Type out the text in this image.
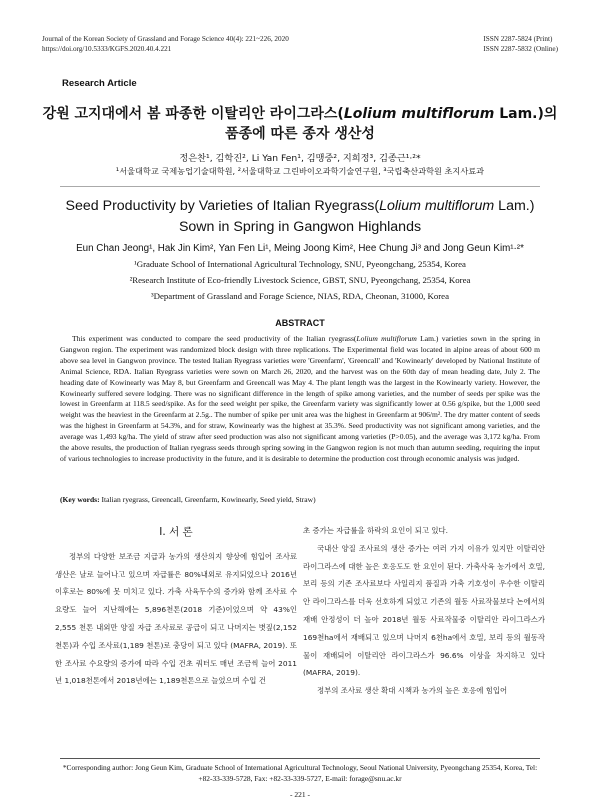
Journal of the Korean Society of Grassland and Forage Science 40(4): 221~226, 2020
https://doi.org/10.5333/KGFS.2020.40.4.221
ISSN 2287-5824 (Print)
ISSN 2287-5832 (Online)
Research Article
강원 고지대에서 봄 파종한 이탈리안 라이그라스(Lolium multiflorum Lam.)의
품종에 따른 종자 생산성
정은찬¹, 김학진², Li Yan Fen¹, 김맹중², 지희정³, 김종근¹·²*
¹서울대학교 국제농업기술대학원, ²서울대학교 그린바이오과학기술연구원, ³국립축산과학원 초지사료과
Seed Productivity by Varieties of Italian Ryegrass(Lolium multiflorum Lam.)
Sown in Spring in Gangwon Highlands
Eun Chan Jeong¹, Hak Jin Kim², Yan Fen Li¹, Meing Joong Kim², Hee Chung Ji³ and Jong Geun Kim¹·²*
¹Graduate School of International Agricultural Technology, SNU, Pyeongchang, 25354, Korea
²Research Institute of Eco-friendly Livestock Science, GBST, SNU, Pyeongchang, 25354, Korea
³Department of Grassland and Forage Science, NIAS, RDA, Cheonan, 31000, Korea
ABSTRACT
This experiment was conducted to compare the seed productivity of the Italian ryegrass(Lolium multiflorum Lam.) varieties sown in the spring in Gangwon region. The experiment was randomized block design with three replications. The Experimental field was located in alpine areas of about 600 m above sea level in Gangwon province. The tested Italian Ryegrass varieties were 'Greenfarm', 'Greencall' and 'Kowinearly' developed by National Institute of Animal Science, RDA. Italian Ryegrass varieties were sown on March 26, 2020, and the harvest was on the 60th day of mean heading date, July 2. The heading date of Kowinearly was May 8, but Greenfarm and Greencall was May 4. The plant length was the largest in the Kowinearly variety. However, the Kowinearly suffered severe lodging. There was no significant difference in the length of spike among varieties, and the number of seeds per spike was the lowest in Greenfarm at 118.5 seed/spike. As for the seed weight per spike, the Greenfarm variety was significantly lower at 0.56 g/spike, but the 1,000 seed weight was the heaviest in the Greenfarm at 2.5g.. The number of spike per unit area was the highest in Greenfarm at 906/m². The dry matter content of seeds was the highest in Greenfarm at 54.3%, and for straw, Kowinearly was the highest at 35.3%. Seed productivity was not significant among varieties, and the average was 1,493 kg/ha. The yield of straw after seed production was also not significant among varieties (P>0.05), and the average was 3,172 kg/ha. From the above results, the production of Italian ryegrass seeds through spring sowing in the Gangwon region is not much than autumn seeding, requiring the input of various technologies to increase productivity in the future, and it is desirable to determine the production cost through economic analysis was judged.
(Key words: Italian ryegrass, Greencall, Greenfarm, Kowinearly, Seed yield, Straw)
Ⅰ. 서 론

정부의 다양한 보조금 지급과 농가의 생산의지 향상에 힘입어 조사료 생산은 날로 늘어나고 있으며 자급률은 80%내외로 유지되었으나 2016년 이후로는 80%에 못 미치고 있다. 가축 사육두수의 증가와 함께 조사료 수요량도 늘어 지난해에는 5,896천톤(2018 기준)이었으며 약 43%인 2,555 천톤 내외만 양질 자급 조사료로 공급이 되고 나머지는 볏짚(2,152 천톤)과 수입 조사료(1,189 천톤)로 충당이 되고 있다 (MAFRA, 2019). 또한 조사료 수요량의 증가에 따라 수입 건초 쿼터도 매년 조금씩 늘어 2011년 1,018천톤에서 2018년에는 1,189천톤으로 늘었으며 수입 건

초 증가는 자급률을 하락의 요인이 되고 있다.

국내산 양질 조사료의 생산 증가는 여러 가지 이유가 있지만 이탈리안 라이그라스에 대한 높은 호응도도 한 요인이 된다. 가축사육 농가에서 호밀, 보리 등의 기존 조사료보다 사일리지 품질과 가축 기호성이 우수한 이탈리안 라이그라스를 더욱 선호하게 되었고 기존의 월동 사료작물보다 논에서의 재배 안정성이 더 높아 2018년 월동 사료작물중 이탈리안 라이그라스가 169천ha에서 재배되고 있으며 나머지 6천ha에서 호밀, 보리 등의 월동작물이 재배되어 이탈리안 라이그라스가 96.6% 이상을 차지하고 있다(MAFRA, 2019).

정부의 조사료 생산 확대 시책과 농가의 높은 호응에 힘입어

*Corresponding author: Jong Geun Kim, Graduate School of International Agricultural Technology, Seoul National University, Pyeongchang 25354, Korea, Tel: +82-33-339-5728, Fax: +82-33-339-5727, E-mail: forage@snu.ac.kr
- 221 -
